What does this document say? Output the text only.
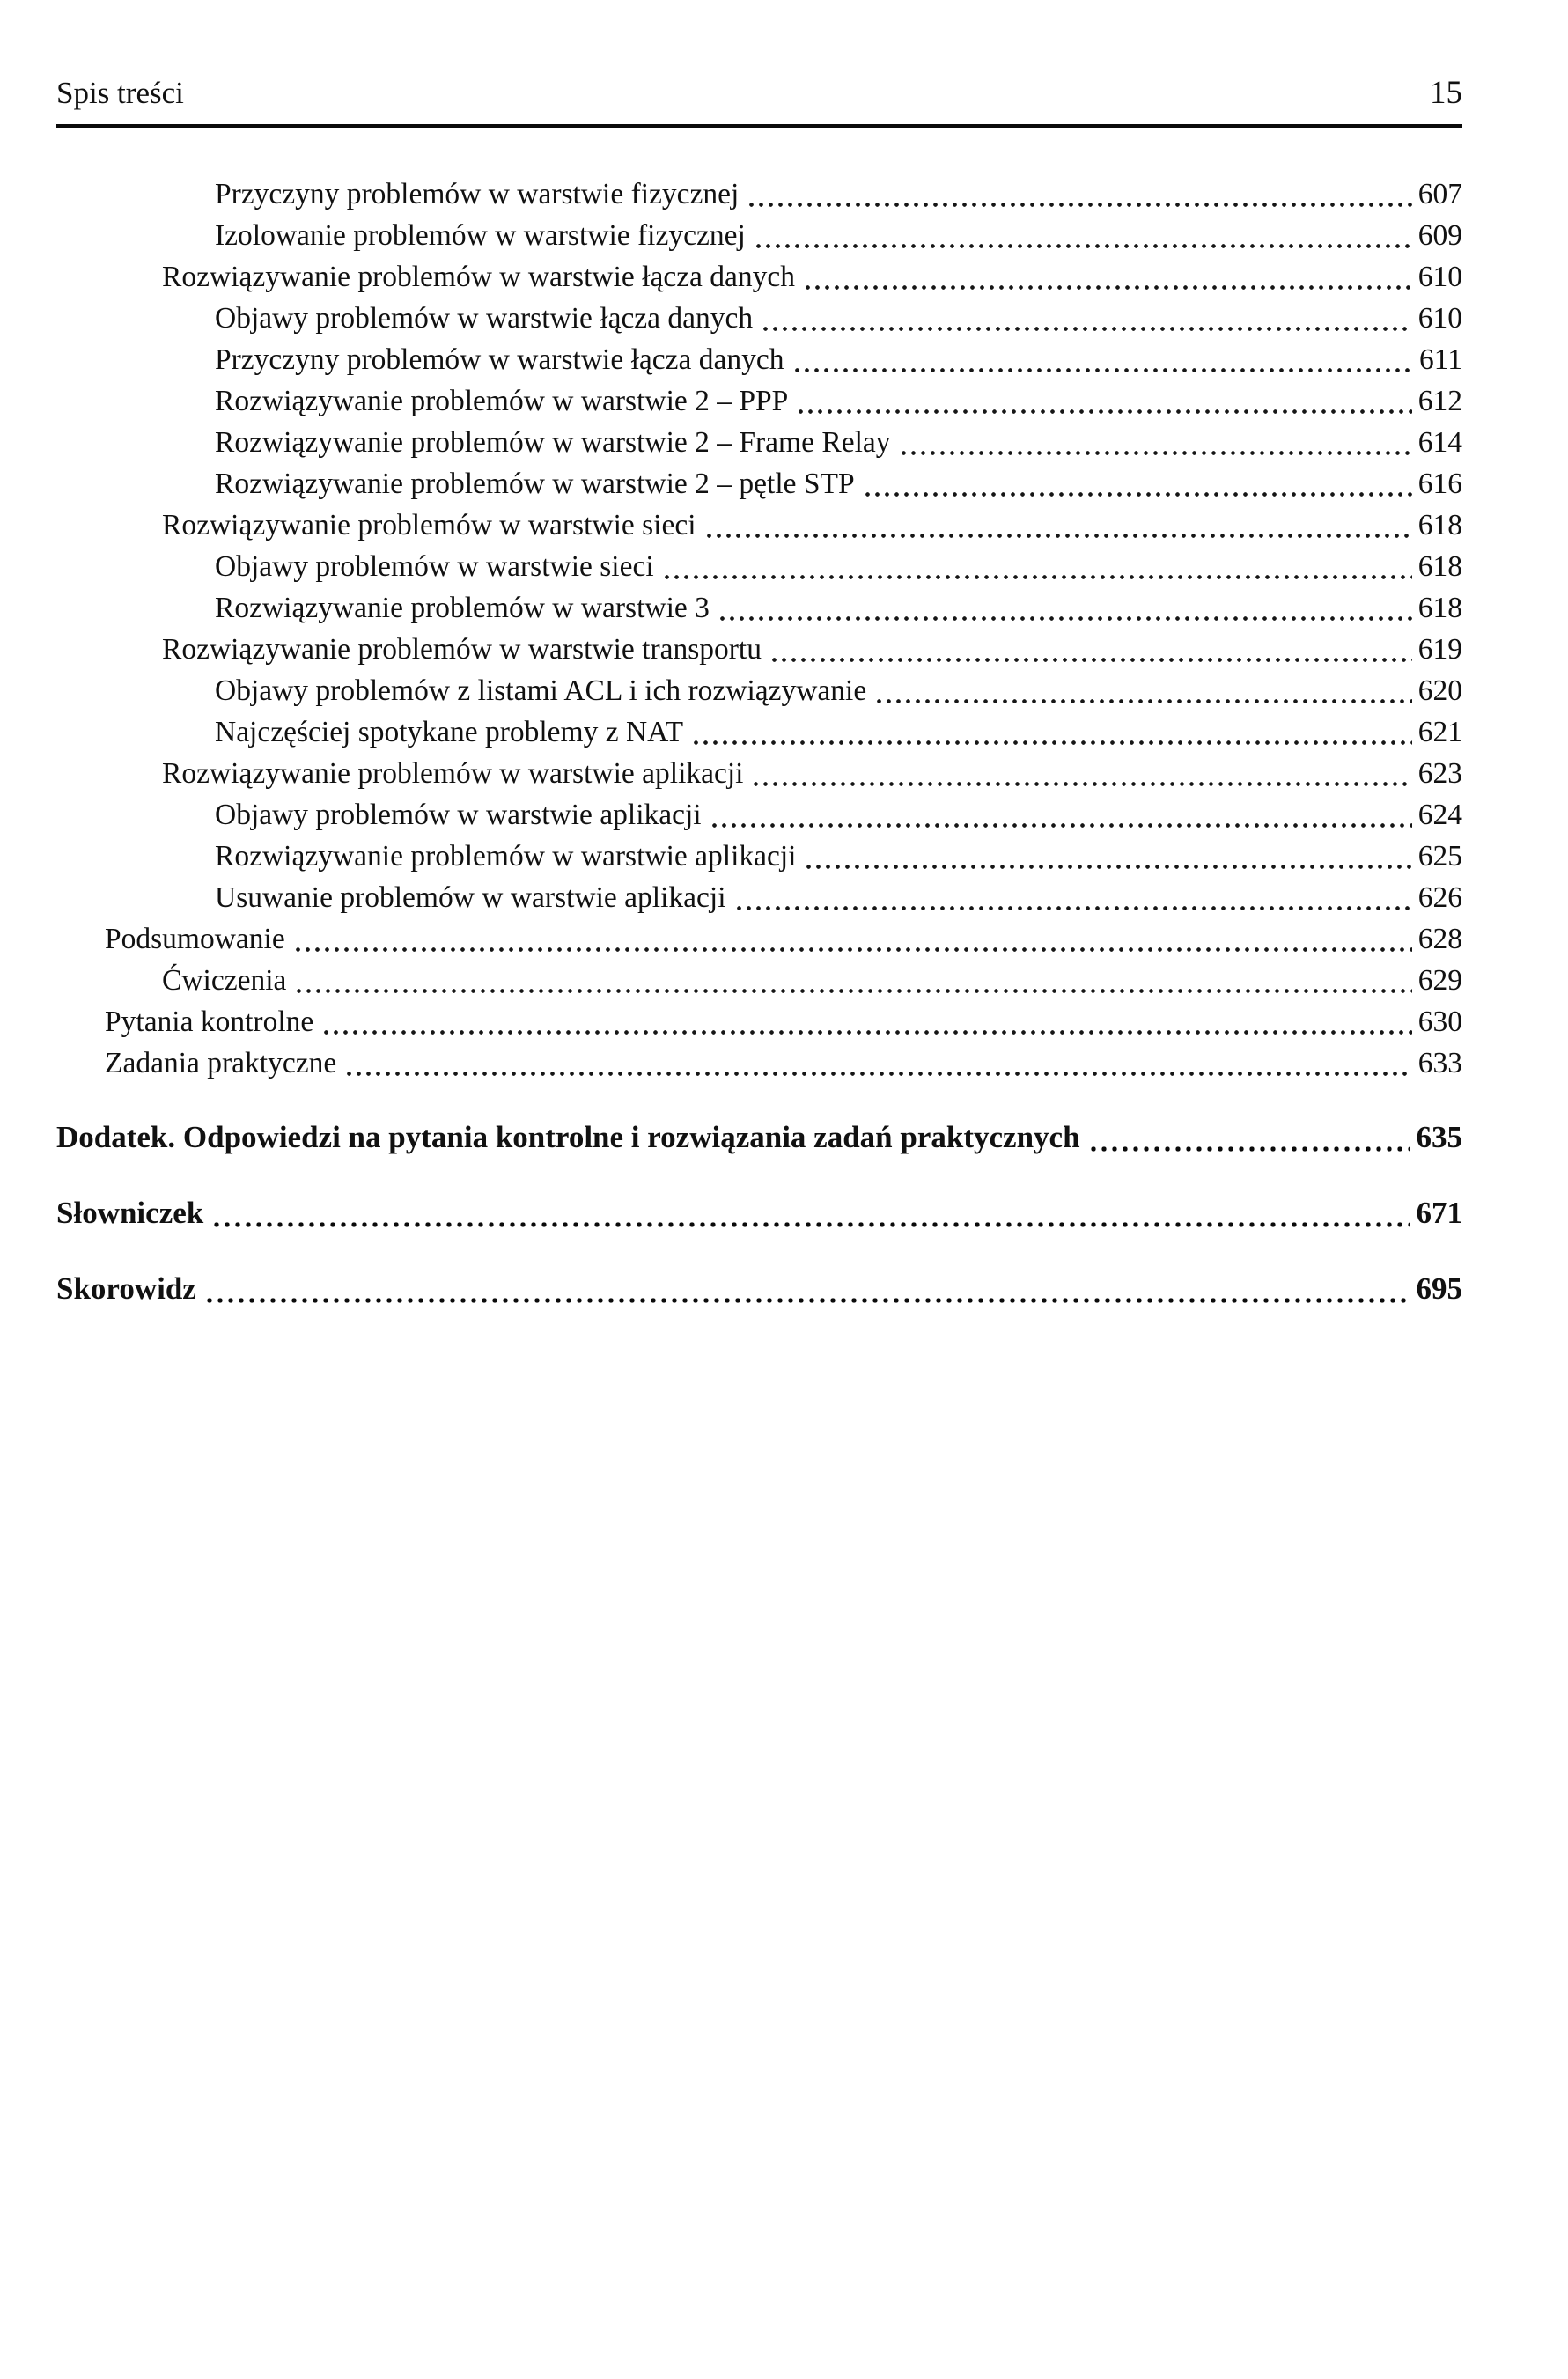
Spis treści	15
Przyczyny problemów w warstwie fizycznej	607
Izolowanie problemów w warstwie fizycznej	609
Rozwiązywanie problemów w warstwie łącza danych	610
Objawy problemów w warstwie łącza danych	610
Przyczyny problemów w warstwie łącza danych	611
Rozwiązywanie problemów w warstwie 2 – PPP	612
Rozwiązywanie problemów w warstwie 2 – Frame Relay	614
Rozwiązywanie problemów w warstwie 2 – pętle STP	616
Rozwiązywanie problemów w warstwie sieci	618
Objawy problemów w warstwie sieci	618
Rozwiązywanie problemów w warstwie 3	618
Rozwiązywanie problemów w warstwie transportu	619
Objawy problemów z listami ACL i ich rozwiązywanie	620
Najczęściej spotykane problemy z NAT	621
Rozwiązywanie problemów w warstwie aplikacji	623
Objawy problemów w warstwie aplikacji	624
Rozwiązywanie problemów w warstwie aplikacji	625
Usuwanie problemów w warstwie aplikacji	626
Podsumowanie	628
Ćwiczenia	629
Pytania kontrolne	630
Zadania praktyczne	633
Dodatek. Odpowiedzi na pytania kontrolne i rozwiązania zadań praktycznych	635
Słowniczek	671
Skorowidz	695
